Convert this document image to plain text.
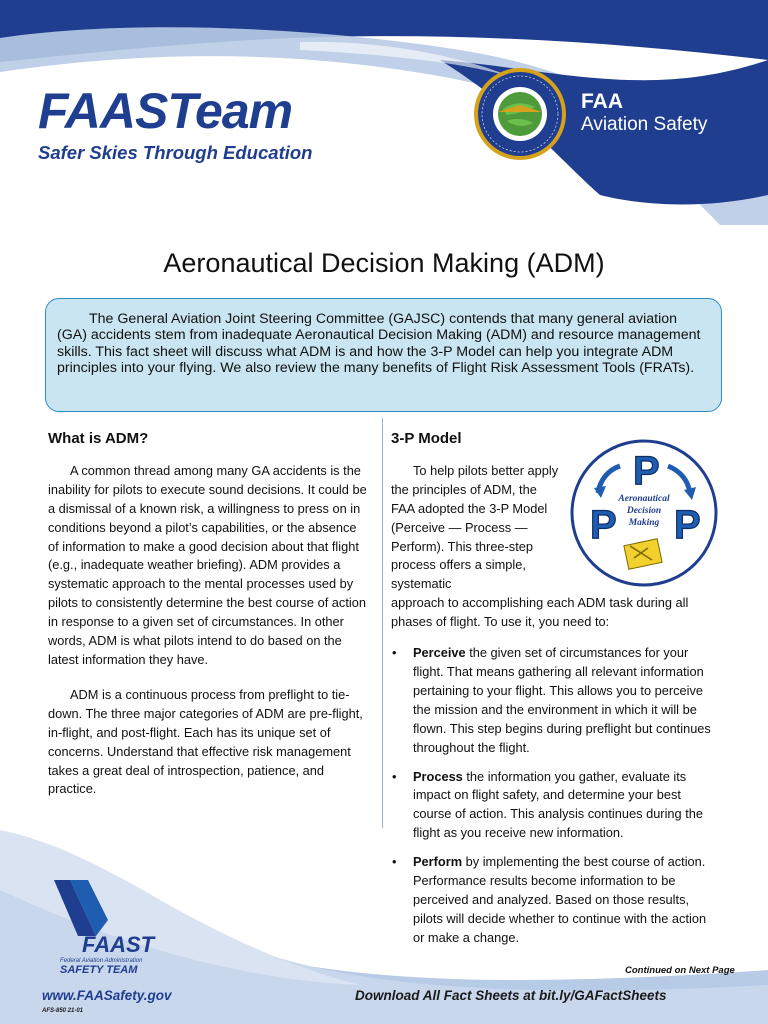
FAASTeam
Safer Skies Through Education
FAA
Aviation Safety
Aeronautical Decision Making (ADM)
The General Aviation Joint Steering Committee (GAJSC) contends that many general aviation (GA) accidents stem from inadequate Aeronautical Decision Making (ADM) and resource management skills. This fact sheet will discuss what ADM is and how the 3-P Model can help you integrate ADM principles into your flying. We also review the many benefits of Flight Risk Assessment Tools (FRATs).
What is ADM?

A common thread among many GA accidents is the inability for pilots to execute sound decisions. It could be a dismissal of a known risk, a willingness to press on in conditions beyond a pilot’s capabilities, or the absence of information to make a good decision about that flight (e.g., inadequate weather briefing). ADM provides a systematic approach to the mental processes used by pilots to consistently determine the best course of action in response to a given set of circumstances. In other words, ADM is what pilots intend to do based on the latest information they have.

ADM is a continuous process from preflight to tie-down. The three major categories of ADM are pre-flight, in-flight, and post-flight. Each has its unique set of concerns. Understand that effective risk management takes a great deal of introspection, patience, and practice.

3-P Model

To help pilots better apply the principles of ADM, the FAA adopted the 3-P Model (Perceive — Process — Perform). This three-step process offers a simple, systematic

approach to accomplishing each ADM task during all phases of flight. To use it, you need to:

• Perceive the given set of circumstances for your flight. That means gathering all relevant information pertaining to your flight. This allows you to perceive the mission and the environment in which it will be flown. This step begins during preflight but continues throughout the flight.
• Process the information you gather, evaluate its impact on flight safety, and determine your best course of action. This analysis continues during the flight as you receive new information.
• Perform by implementing the best course of action. Performance results become information to be perceived and analyzed. Based on those results, pilots will decide whether to continue with the action or make a change.
P
P P
Aeronautical
Decision
Making
FAAST
Federal Aviation Administration
SAFETY TEAM	Continued on Next Page
www.FAASafety.gov	Download All Fact Sheets at bit.ly/GAFactSheets
AFS-850 21-01
